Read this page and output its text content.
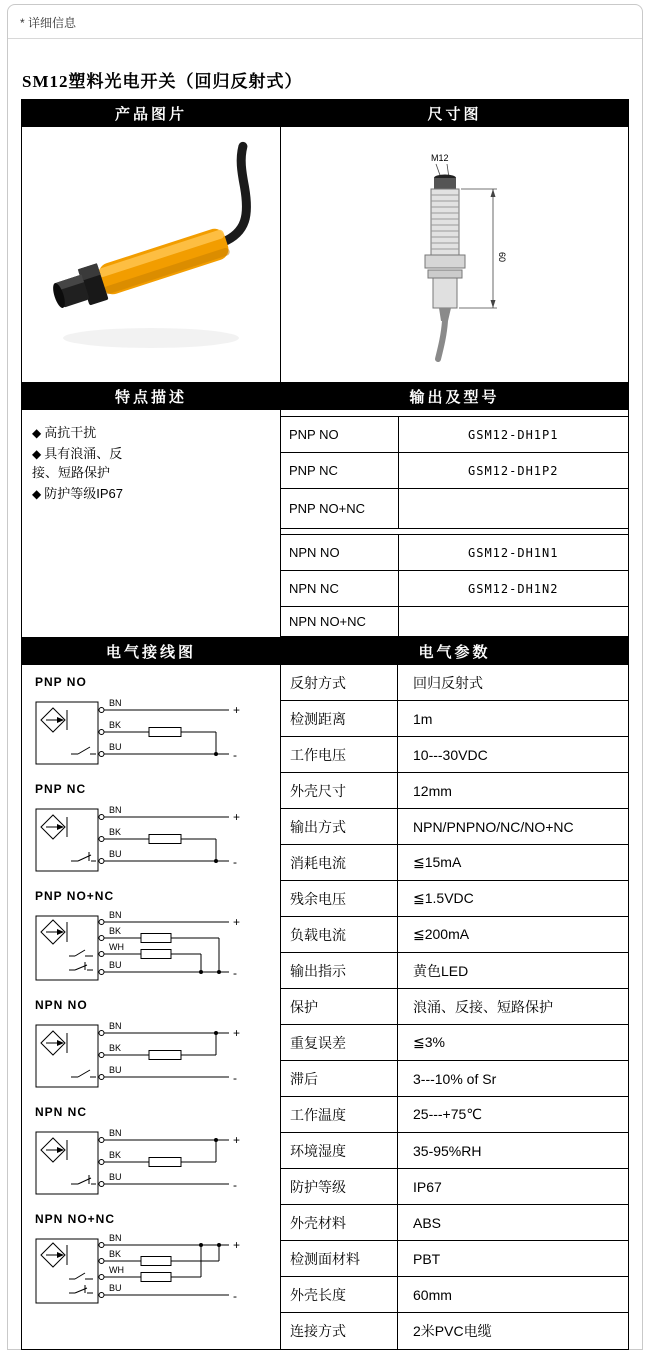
* 详细信息
SM12塑料光电开关（回归反射式）
产品图片	尺寸图
M12
60
特点描述	输出及型号
◆ 高抗干扰
◆ 具有浪涌、反接、短路保护
◆ 防护等级IP67
PNP NO	GSM12-DH1P1
PNP NC	GSM12-DH1P2
PNP NO+NC	
NPN NO	GSM12-DH1N1
NPN NC	GSM12-DH1N2
NPN NO+NC	
电气接线图	电气参数
PNP NO
BN
BK
BU
+
-
PNP NC
BN
BK
BU
+
-
PNP NO+NC
BN
BK
WH
BU
+
-
NPN NO
BN
BK
BU
+
-
NPN NC
BN
BK
BU
+
-
NPN NO+NC
BN
BK
WH
BU
+
-
反射方式	回归反射式
检测距离	1m
工作电压	10---30VDC
外壳尺寸	12mm
输出方式	NPN/PNPNO/NC/NO+NC
消耗电流	≦15mA
残余电压	≦1.5VDC
负载电流	≦200mA
输出指示	黄色LED
保护	浪涌、反接、短路保护
重复误差	≦3%
滞后	3---10% of Sr
工作温度	25---+75℃
环境湿度	35-95%RH
防护等级	IP67
外壳材料	ABS
检测面材料	PBT
外壳长度	60mm
连接方式	2米PVC电缆
